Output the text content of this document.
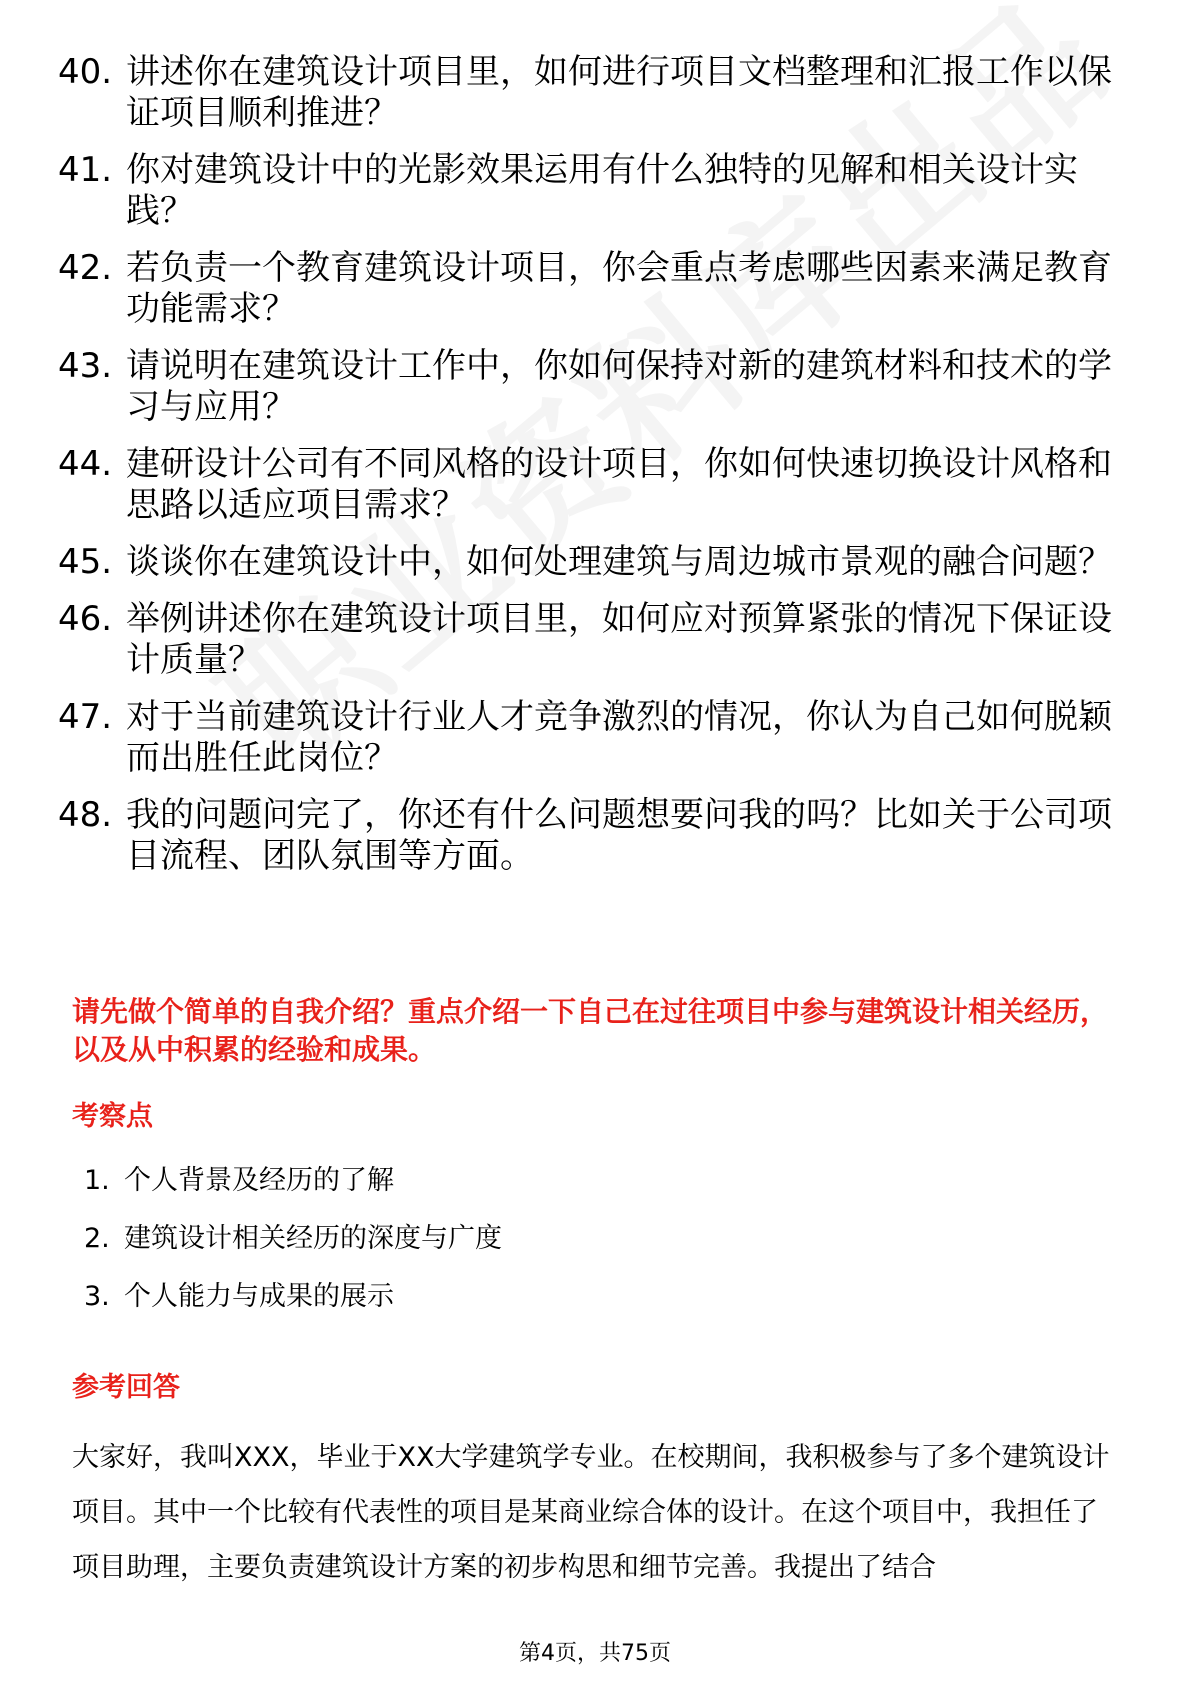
40. 讲述你在建筑设计项目里，如何进行项目文档整理和汇报工作以保证项目顺利推进？
41. 你对建筑设计中的光影效果运用有什么独特的见解和相关设计实践？
42. 若负责一个教育建筑设计项目，你会重点考虑哪些因素来满足教育功能需求？
43. 请说明在建筑设计工作中，你如何保持对新的建筑材料和技术的学习与应用？
44. 建研设计公司有不同风格的设计项目，你如何快速切换设计风格和思路以适应项目需求？
45. 谈谈你在建筑设计中，如何处理建筑与周边城市景观的融合问题？
46. 举例讲述你在建筑设计项目里，如何应对预算紧张的情况下保证设计质量？
47. 对于当前建筑设计行业人才竞争激烈的情况，你认为自己如何脱颖而出胜任此岗位？
48. 我的问题问完了，你还有什么问题想要问我的吗？比如关于公司项目流程、团队氛围等方面。
请先做个简单的自我介绍？重点介绍一下自己在过往项目中参与建筑设计相关经历，以及从中积累的经验和成果。
考察点
1. 个人背景及经历的了解
2. 建筑设计相关经历的深度与广度
3. 个人能力与成果的展示
参考回答
大家好，我叫XXX，毕业于XX大学建筑学专业。在校期间，我积极参与了多个建筑设计项目。其中一个比较有代表性的项目是某商业综合体的设计。在这个项目中，我担任了项目助理，主要负责建筑设计方案的初步构思和细节完善。我提出了结合
第4页，共75页
